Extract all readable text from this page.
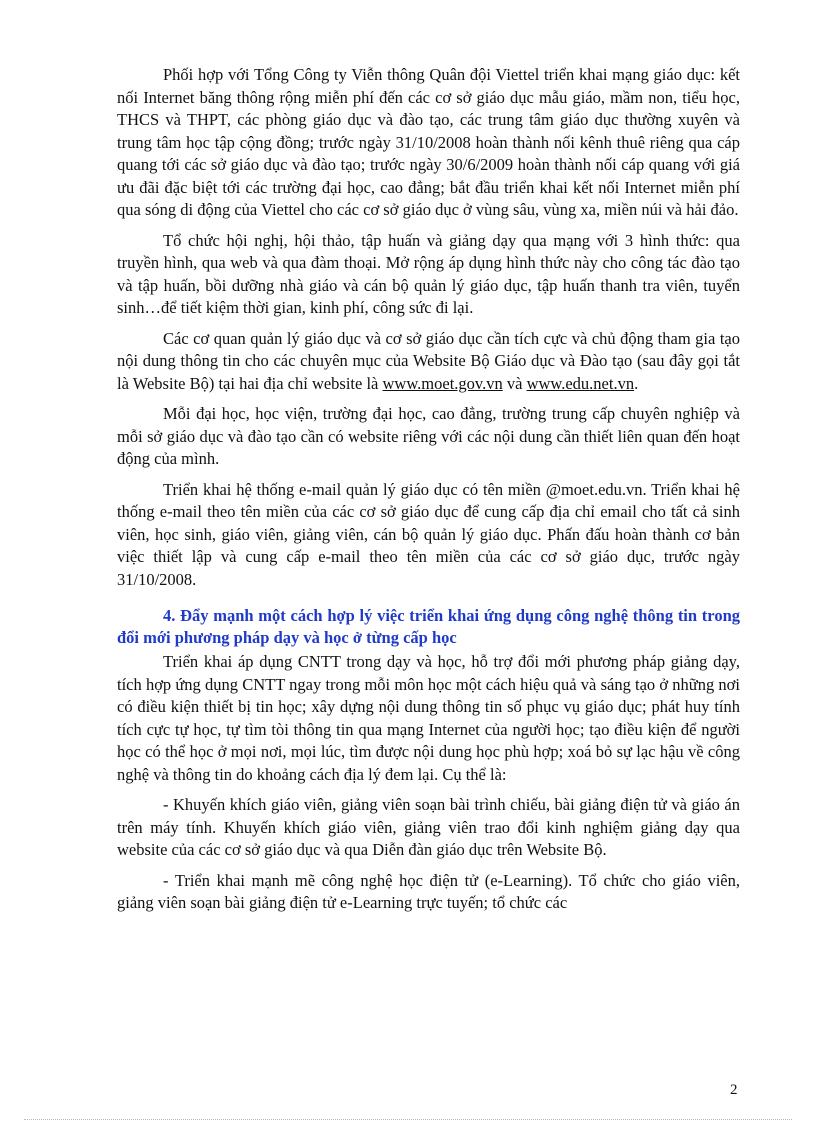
Phối hợp với Tổng Công ty Viễn thông Quân đội Viettel triển khai mạng giáo dục: kết nối Internet băng thông rộng miễn phí đến các cơ sở giáo dục mẫu giáo, mầm non, tiểu học, THCS và THPT, các phòng giáo dục và đào tạo, các trung tâm giáo dục thường xuyên và trung tâm học tập cộng đồng; trước ngày 31/10/2008 hoàn thành nối kênh thuê riêng qua cáp quang tới các sở giáo dục và đào tạo; trước ngày 30/6/2009 hoàn thành nối cáp quang với giá ưu đãi đặc biệt tới các trường đại học, cao đẳng; bắt đầu triển khai kết nối Internet miễn phí qua sóng di động của Viettel cho các cơ sở giáo dục ở vùng sâu, vùng xa, miền núi và hải đảo.

Tổ chức hội nghị, hội thảo, tập huấn và giảng dạy qua mạng với 3 hình thức: qua truyền hình, qua web và qua đàm thoại. Mở rộng áp dụng hình thức này cho công tác đào tạo và tập huấn, bồi dưỡng nhà giáo và cán bộ quản lý giáo dục, tập huấn thanh tra viên, tuyển sinh…để tiết kiệm thời gian, kinh phí, công sức đi lại.

Các cơ quan quản lý giáo dục và cơ sở giáo dục cần tích cực và chủ động tham gia tạo nội dung thông tin cho các chuyên mục của Website Bộ Giáo dục và Đào tạo (sau đây gọi tắt là Website Bộ) tại hai địa chỉ website là www.moet.gov.vn và www.edu.net.vn.

Mỗi đại học, học viện, trường đại học, cao đẳng, trường trung cấp chuyên nghiệp và mỗi sở giáo dục và đào tạo cần có website riêng với các nội dung cần thiết liên quan đến hoạt động của mình.

Triển khai hệ thống e-mail quản lý giáo dục có tên miền @moet.edu.vn. Triển khai hệ thống e-mail theo tên miền của các cơ sở giáo dục để cung cấp địa chỉ email cho tất cả sinh viên, học sinh, giáo viên, giảng viên, cán bộ quản lý giáo dục. Phấn đấu hoàn thành cơ bản việc thiết lập và cung cấp e-mail theo tên miền của các cơ sở giáo dục, trước ngày 31/10/2008.

4. Đẩy mạnh một cách hợp lý việc triển khai ứng dụng công nghệ thông tin trong đổi mới phương pháp dạy và học ở từng cấp học

Triển khai áp dụng CNTT trong dạy và học, hỗ trợ đổi mới phương pháp giảng dạy, tích hợp ứng dụng CNTT ngay trong mỗi môn học một cách hiệu quả và sáng tạo ở những nơi có điều kiện thiết bị tin học; xây dựng nội dung thông tin số phục vụ giáo dục; phát huy tính tích cực tự học, tự tìm tòi thông tin qua mạng Internet của người học; tạo điều kiện để người học có thể học ở mọi nơi, mọi lúc, tìm được nội dung học phù hợp; xoá bỏ sự lạc hậu về công nghệ và thông tin do khoảng cách địa lý đem lại. Cụ thể là:

- Khuyến khích giáo viên, giảng viên soạn bài trình chiếu, bài giảng điện tử và giáo án trên máy tính. Khuyến khích giáo viên, giảng viên trao đổi kinh nghiệm giảng dạy qua website của các cơ sở giáo dục và qua Diễn đàn giáo dục trên Website Bộ.

- Triển khai mạnh mẽ công nghệ học điện tử (e-Learning). Tổ chức cho giáo viên, giảng viên soạn bài giảng điện tử e-Learning trực tuyến; tổ chức các

2
